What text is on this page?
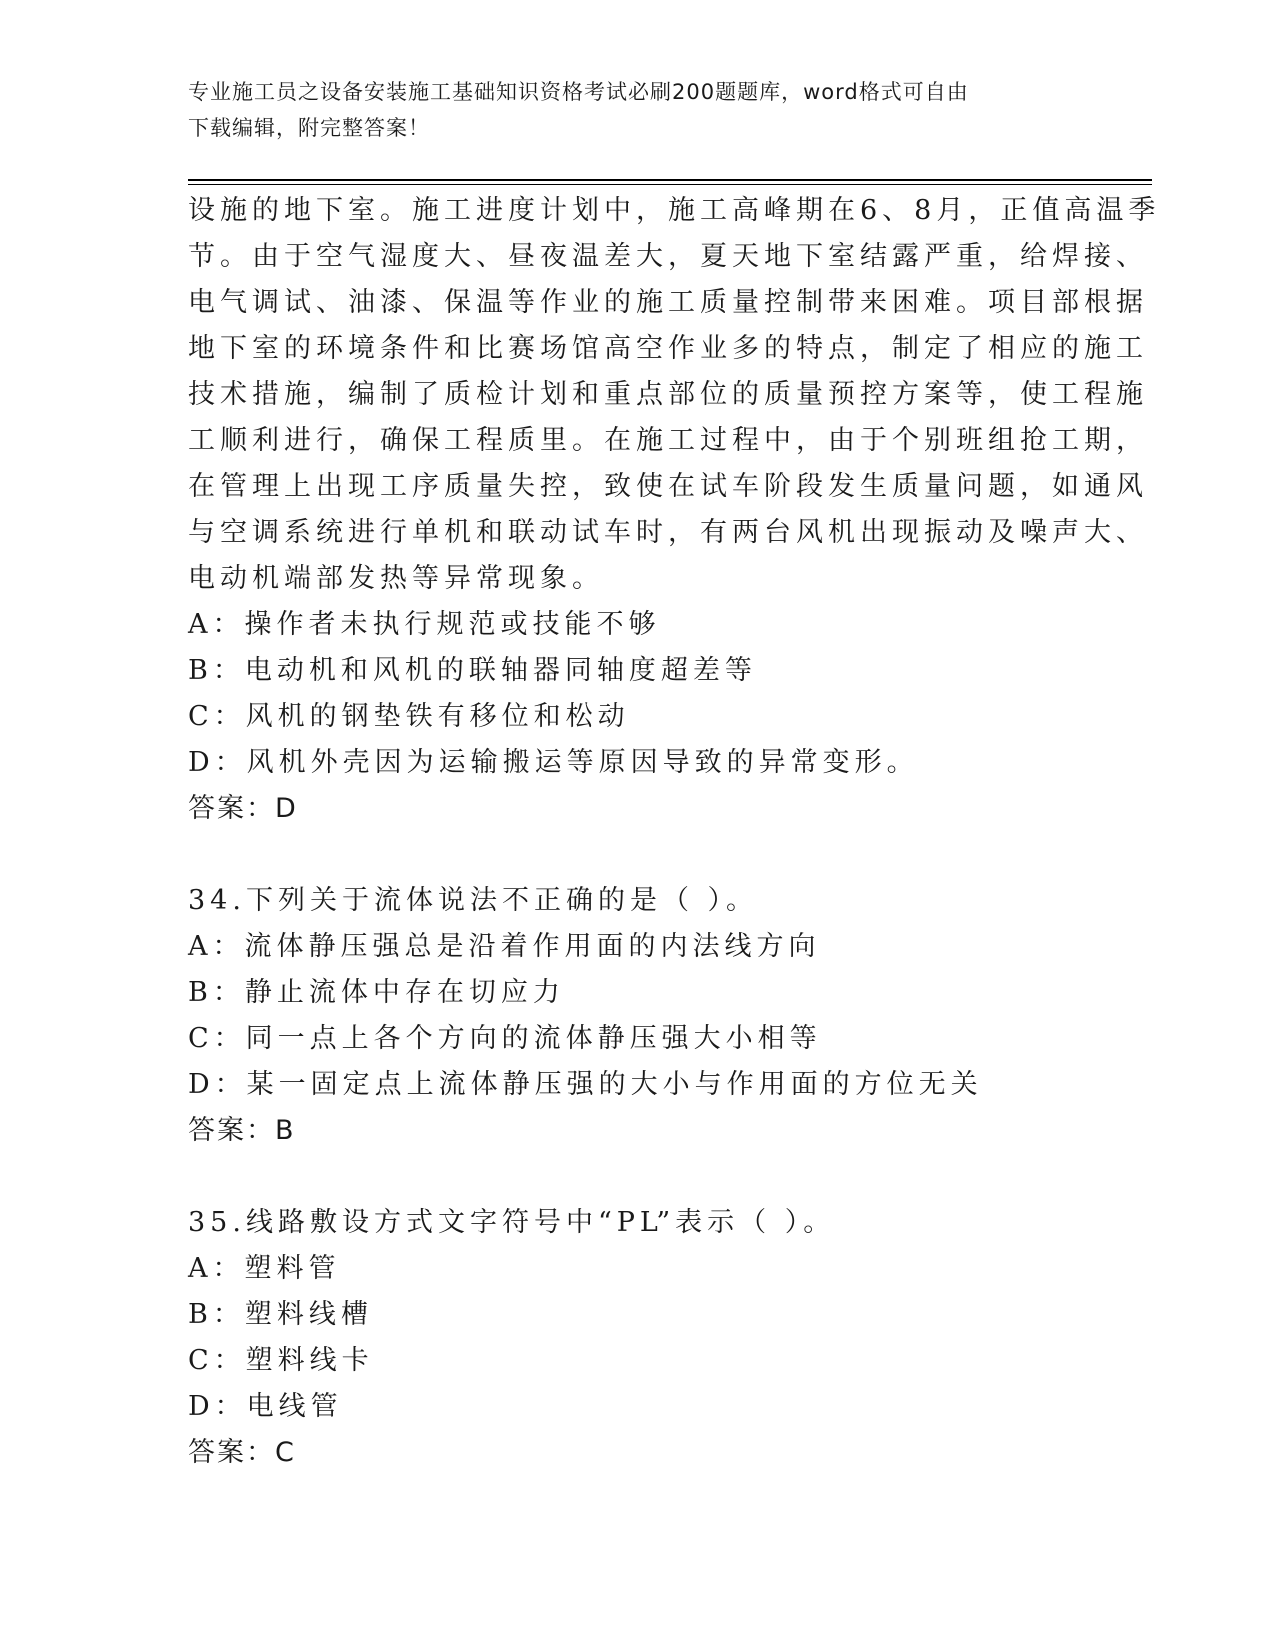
专业施工员之设备安装施工基础知识资格考试必刷200题题库，word格式可自由
下载编辑，附完整答案！
设施的地下室。施工进度计划中，施工高峰期在6、8月，正值高温季
节。由于空气湿度大、昼夜温差大，夏天地下室结露严重，给焊接、
电气调试、油漆、保温等作业的施工质量控制带来困难。项目部根据
地下室的环境条件和比赛场馆高空作业多的特点，制定了相应的施工
技术措施，编制了质检计划和重点部位的质量预控方案等，使工程施
工顺利进行，确保工程质里。在施工过程中，由于个别班组抢工期，
在管理上出现工序质量失控，致使在试车阶段发生质量问题，如通风
与空调系统进行单机和联动试车时，有两台风机出现振动及噪声大、
电动机端部发热等异常现象。
A：操作者未执行规范或技能不够
B：电动机和风机的联轴器同轴度超差等
C：风机的钢垫铁有移位和松动
D：风机外壳因为运输搬运等原因导致的异常变形。
答案：D
34.下列关于流体说法不正确的是（ ）。
A：流体静压强总是沿着作用面的内法线方向
B：静止流体中存在切应力
C：同一点上各个方向的流体静压强大小相等
D：某一固定点上流体静压强的大小与作用面的方位无关
答案：B
35.线路敷设方式文字符号中“PL”表示（ ）。
A：塑料管
B：塑料线槽
C：塑料线卡
D：电线管
答案：C
